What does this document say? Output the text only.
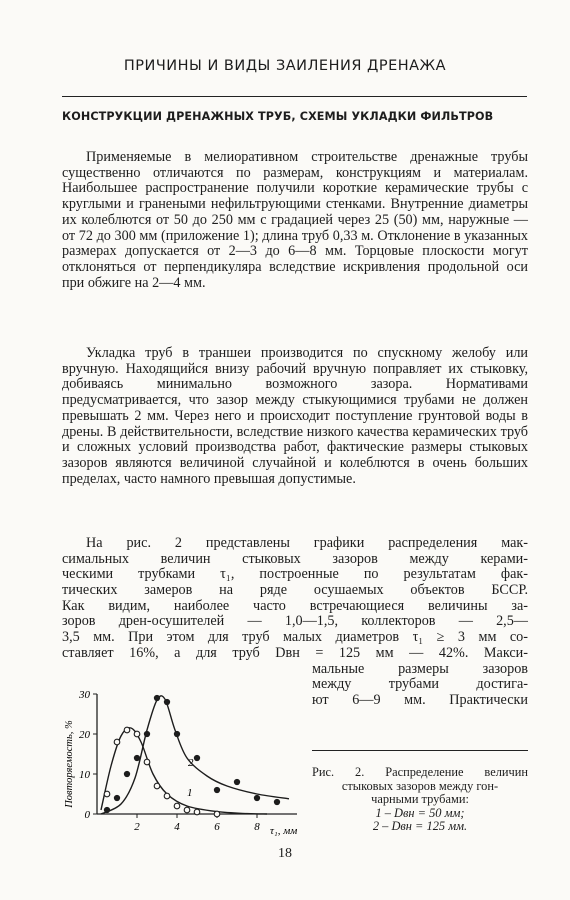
ПРИЧИНЫ И ВИДЫ ЗАИЛЕНИЯ ДРЕНАЖА
КОНСТРУКЦИИ ДРЕНАЖНЫХ ТРУБ, СХЕМЫ УКЛАДКИ ФИЛЬТРОВ

Применяемые в мелиоративном строительстве дренажные трубы существенно отличаются по размерам, конструкциям и материалам. Наибольшее распространение получили короткие керамические трубы с круглыми и гранеными нефильтрующими стенками. Внутренние диаметры их колеблются от 50 до 250 мм с градацией через 25 (50) мм, наружные — от 72 до 300 мм (приложение 1); длина труб 0,33 м. Отклонение в указанных размерах допускается от 2—3 до 6—8 мм. Торцовые плоскости могут отклоняться от перпендикуляра вследствие искривления продольной оси при обжиге на 2—4 мм.

Укладка труб в траншеи производится по спускному желобу или вручную. Находящийся внизу рабочий вручную поправляет их стыковку, добиваясь минимально возможного зазора. Нормативами предусматривается, что зазор между стыкующимися трубами не должен превышать 2 мм. Через него и происходит поступление грунтовой воды в дрены. В действительности, вследствие низкого качества керамических труб и сложных условий производства работ, фактические размеры стыковых зазоров являются величиной случайной и колеблются в очень больших пределах, часто намного превышая допустимые.

На рис. 2 представлены графики распределения мак-
симальных величин стыковых зазоров между керами-
ческими трубками τ₁, построенные по результатам фак-
тических замеров на ряде осушаемых объектов БССР.
Как видим, наиболее часто встречающиеся величины за-
зоров дрен-осушителей — 1,0—1,5, коллекторов — 2,5—
3,5 мм. При этом для труб малых диаметров τ₁ ≥ 3 мм со-
ставляет 16%, а для труб Dвн = 125 мм — 42%. Макси-
мальные размеры зазоров
между трубами достига-
ют 6—9 мм. Практически
Повторяемость, %
2	4	6	8
0
10
20
30
1
2
τ₁, мм
Рис. 2. Распределение величин
стыковых зазоров между гон-
чарными трубами:
1 – Dвн = 50 мм;
2 – Dвн = 125 мм.
18
